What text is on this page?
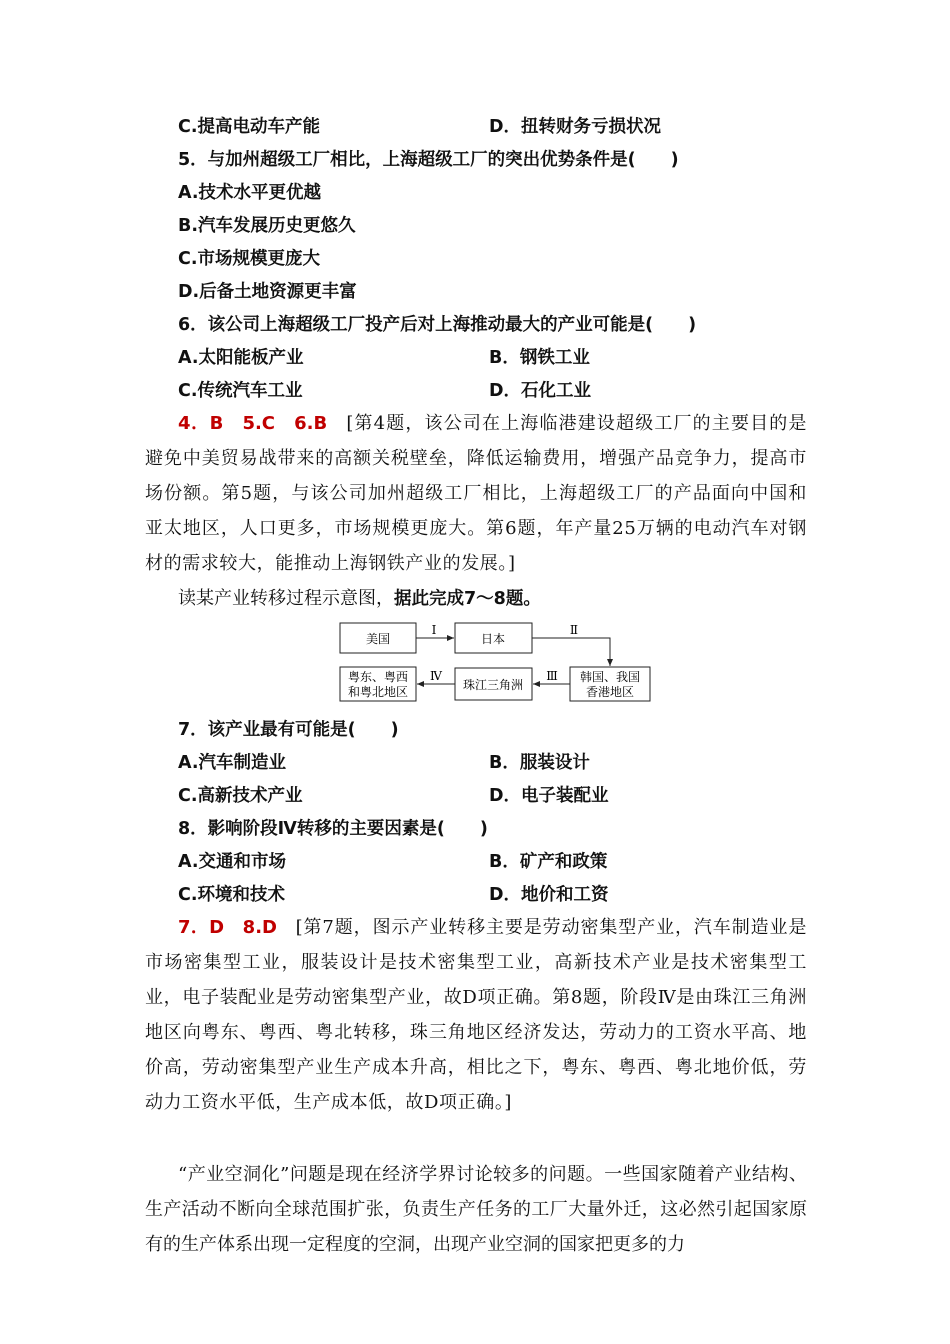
C.提高电动车产能	D．扭转财务亏损状况
5．与加州超级工厂相比，上海超级工厂的突出优势条件是(　　)
A.技术水平更优越
B.汽车发展历史更悠久
C.市场规模更庞大
D.后备土地资源更丰富
6．该公司上海超级工厂投产后对上海推动最大的产业可能是(　　)
A.太阳能板产业	B．钢铁工业
C.传统汽车工业	D．石化工业
4．B　5.C　6.B　 [第4题，该公司在上海临港建设超级工厂的主要目的是避免中美贸易战带来的高额关税壁垒，降低运输费用，增强产品竞争力，提高市场份额。第5题，与该公司加州超级工厂相比，上海超级工厂的产品面向中国和亚太地区，人口更多，市场规模更庞大。第6题，年产量25万辆的电动汽车对钢材的需求较大，能推动上海钢铁产业的发展。]
读某产业转移过程示意图，据此完成7～8题。
美国	日本
韩国、我国
香港地区
珠江三角洲
粤东、粤西
和粤北地区
Ⅰ	Ⅱ
Ⅲ
Ⅳ
7．该产业最有可能是(　　)
A.汽车制造业	B．服装设计
C.高新技术产业	D．电子装配业
8．影响阶段Ⅳ转移的主要因素是(　　)
A.交通和市场	B．矿产和政策
C.环境和技术	D．地价和工资
7．D　8.D　 [第7题，图示产业转移主要是劳动密集型产业，汽车制造业是市场密集型工业，服装设计是技术密集型工业，高新技术产业是技术密集型工业，电子装配业是劳动密集型产业，故D项正确。第8题，阶段Ⅳ是由珠江三角洲地区向粤东、粤西、粤北转移，珠三角地区经济发达，劳动力的工资水平高、地价高，劳动密集型产业生产成本升高，相比之下，粤东、粤西、粤北地价低，劳动力工资水平低，生产成本低，故D项正确。]
“产业空洞化”问题是现在经济学界讨论较多的问题。一些国家随着产业结构、生产活动不断向全球范围扩张，负责生产任务的工厂大量外迁，这必然引起国家原有的生产体系出现一定程度的空洞，出现产业空洞的国家把更多的力
